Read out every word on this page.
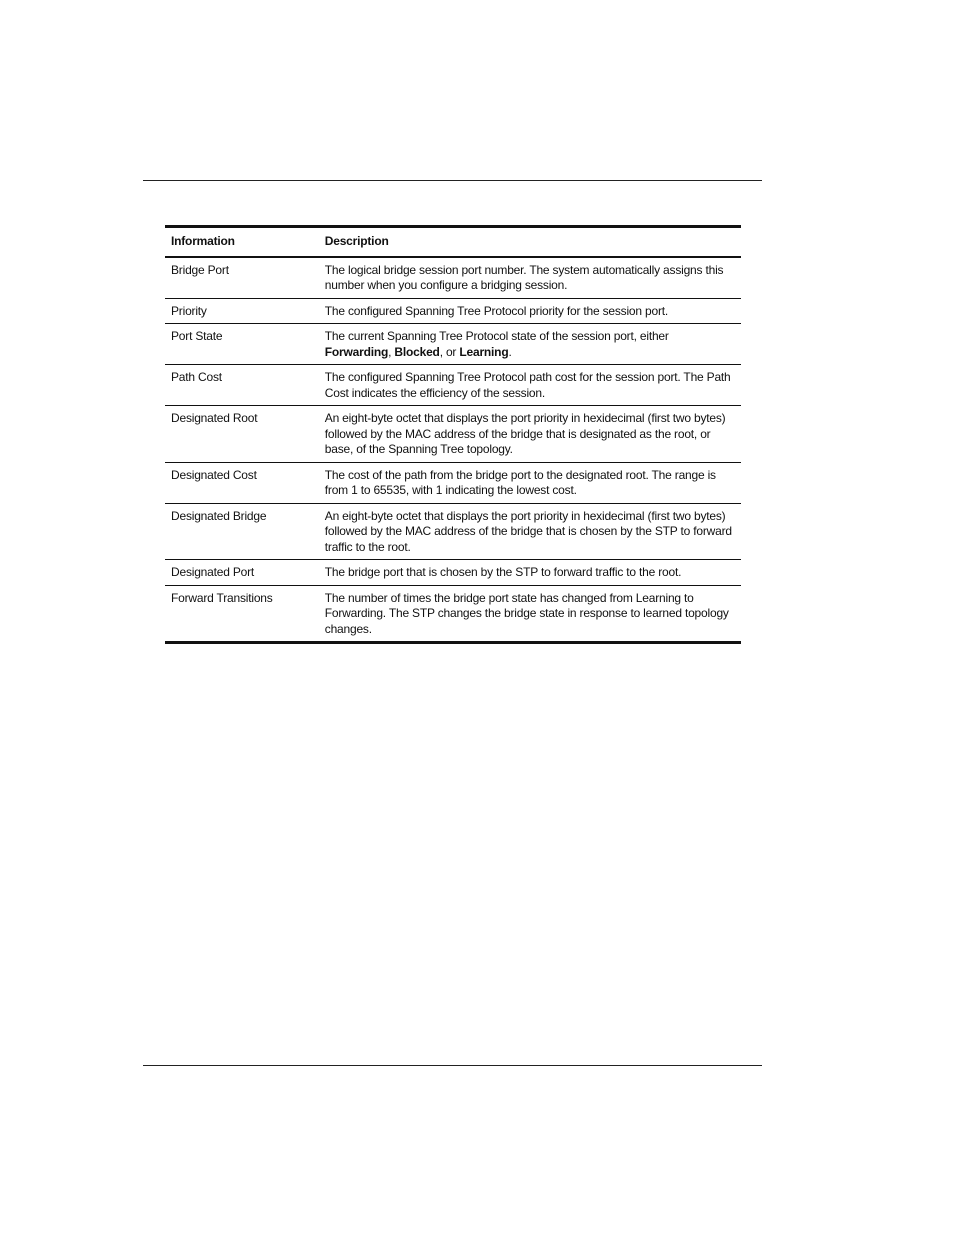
Information	Description
Bridge Port	The logical bridge session port number. The system automatically assigns this number when you configure a bridging session.
Priority	The configured Spanning Tree Protocol priority for the session port.
Port State	The current Spanning Tree Protocol state of the session port, either Forwarding, Blocked, or Learning.
Path Cost	The configured Spanning Tree Protocol path cost for the session port. The Path Cost indicates the efficiency of the session.
Designated Root	An eight-byte octet that displays the port priority in hexidecimal (first two bytes) followed by the MAC address of the bridge that is designated as the root, or base, of the Spanning Tree topology.
Designated Cost	The cost of the path from the bridge port to the designated root. The range is from 1 to 65535, with 1 indicating the lowest cost.
Designated Bridge	An eight-byte octet that displays the port priority in hexidecimal (first two bytes) followed by the MAC address of the bridge that is chosen by the STP to forward traffic to the root.
Designated Port	The bridge port that is chosen by the STP to forward traffic to the root.
Forward Transitions	The number of times the bridge port state has changed from Learning to Forwarding. The STP changes the bridge state in response to learned topology changes.
